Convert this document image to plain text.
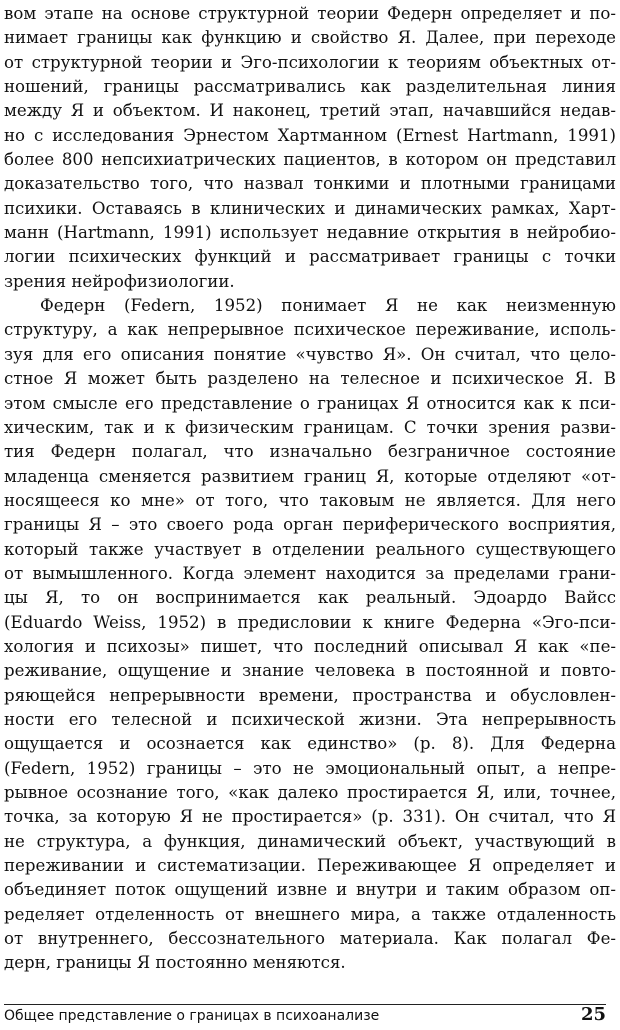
вом этапе на основе структурной теории Федерн определяет и по-
нимает границы как функцию и свойство Я. Далее, при переходе
от структурной теории и Эго-психологии к теориям объектных от-
ношений, границы рассматривались как разделительная линия
между Я и объектом. И наконец, третий этап, начавшийся недав-
но с исследования Эрнестом Хартманном (Ernest Hartmann, 1991)
более 800 непсихиатрических пациентов, в котором он представил
доказательство того, что назвал тонкими и плотными границами
психики. Оставаясь в клинических и динамических рамках, Харт-
манн (Hartmann, 1991) использует недавние открытия в нейробио-
логии психических функций и рассматривает границы с точки
зрения нейрофизиологии.
Федерн (Federn, 1952) понимает Я не как неизменную
структуру, а как непрерывное психическое переживание, исполь-
зуя для его описания понятие «чувство Я». Он считал, что цело-
стное Я может быть разделено на телесное и психическое Я. В
этом смысле его представление о границах Я относится как к пси-
хическим, так и к физическим границам. С точки зрения разви-
тия Федерн полагал, что изначально безграничное состояние
младенца сменяется развитием границ Я, которые отделяют «от-
носящееся ко мне» от того, что таковым не является. Для него
границы Я – это своего рода орган периферического восприятия,
который также участвует в отделении реального существующего
от вымышленного. Когда элемент находится за пределами грани-
цы Я, то он воспринимается как реальный. Эдоардо Вайсс
(Eduardo Weiss, 1952) в предисловии к книге Федерна «Эго-пси-
хология и психозы» пишет, что последний описывал Я как «пе-
реживание, ощущение и знание человека в постоянной и повто-
ряющейся непрерывности времени, пространства и обусловлен-
ности его телесной и психической жизни. Эта непрерывность
ощущается и осознается как единство» (p. 8). Для Федерна
(Federn, 1952) границы – это не эмоциональный опыт, а непре-
рывное осознание того, «как далеко простирается Я, или, точнее,
точка, за которую Я не простирается» (p. 331). Он считал, что Я
не структура, а функция, динамический объект, участвующий в
переживании и систематизации. Переживающее Я определяет и
объединяет поток ощущений извне и внутри и таким образом оп-
ределяет отделенность от внешнего мира, а также отдаленность
от внутреннего, бессознательного материала. Как полагал Фе-
дерн, границы Я постоянно меняются.
Общее представление о границах в психоанализе	25
